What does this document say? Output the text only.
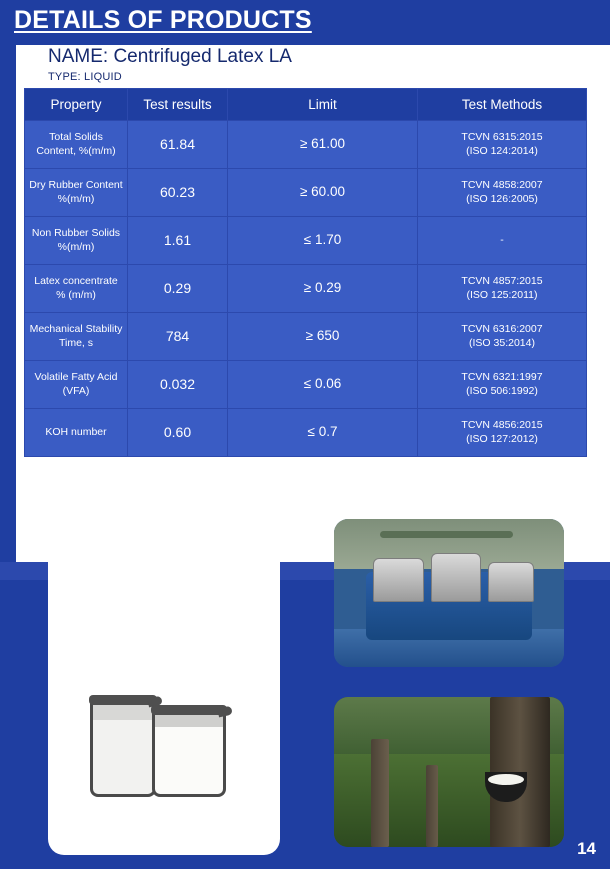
DETAILS OF PRODUCTS
NAME: Centrifuged Latex LA
TYPE: LIQUID
Property	Test results	Limit	Test Methods
Total Solids Content, %(m/m)	61.84	≥ 61.00	TCVN 6315:2015
(ISO 124:2014)

Dry Rubber Content %(m/m)	60.23	≥ 60.00	TCVN 4858:2007
(ISO 126:2005)

Non Rubber Solids %(m/m)	1.61	≤ 1.70	-

Latex concentrate % (m/m)	0.29	≥ 0.29	TCVN 4857:2015
(ISO 125:2011)

Mechanical Stability Time, s	784	≥ 650	TCVN 6316:2007
(ISO 35:2014)

Volatile Fatty Acid (VFA)	0.032	≤ 0.06	TCVN 6321:1997
(ISO 506:1992)

KOH number	0.60	≤ 0.7	TCVN 4856:2015
(ISO 127:2012)
14
